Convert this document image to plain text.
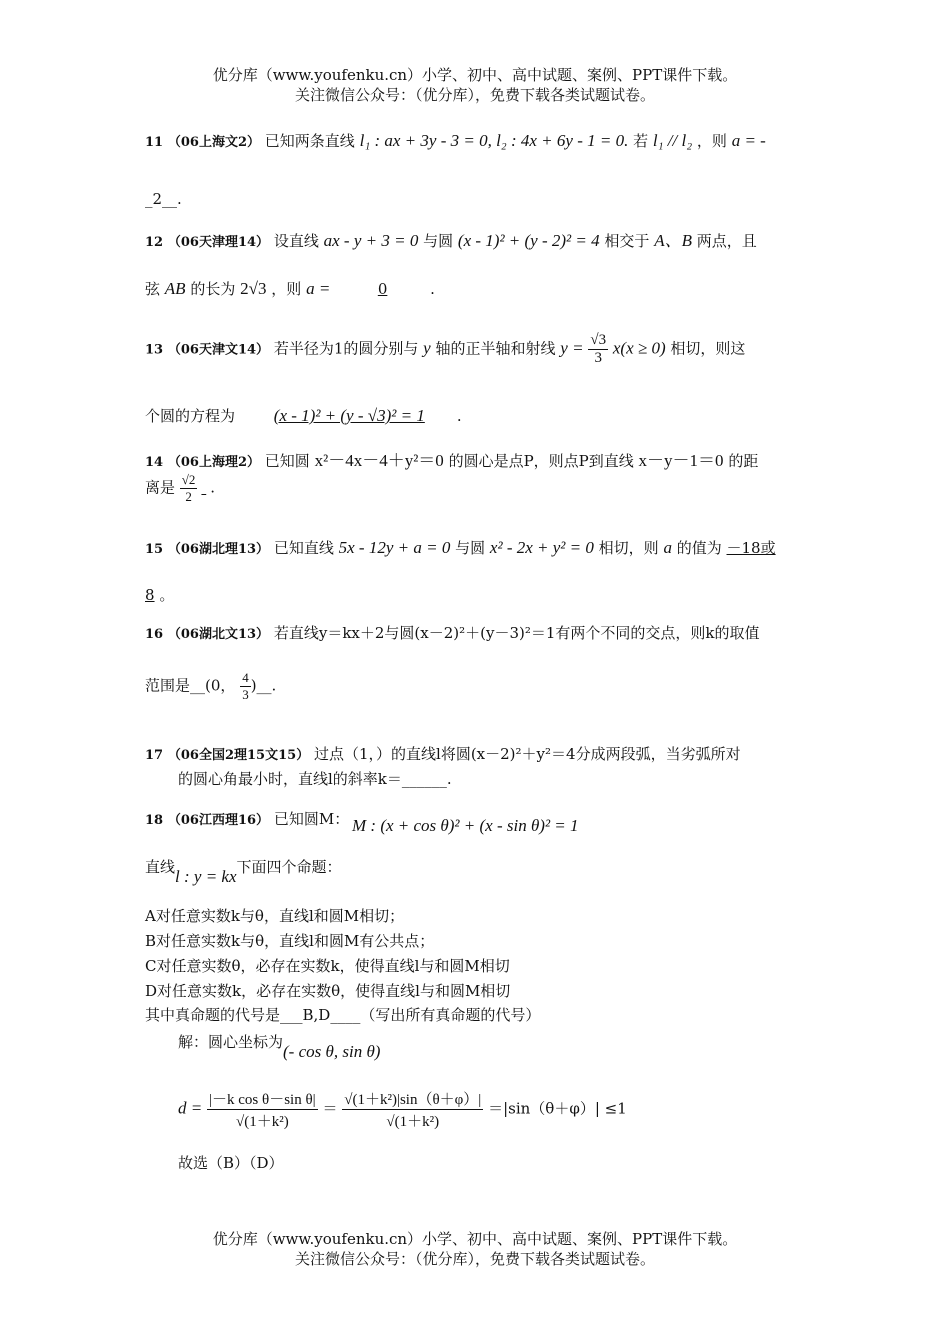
优分库（www.youfenku.cn）小学、初中、高中试题、案例、PPT课件下载。
关注微信公众号：（优分库），免费下载各类试题试卷。
11 （06上海文2） 已知两条直线 l₁ : ax + 3y - 3 = 0, l₂ : 4x + 6y - 1 = 0. 若 l₁ // l₂ ，则 a = -
_2__.
12 （06天津理14） 设直线 ax - y + 3 = 0 与圆 (x - 1)² + (y - 2)² = 4 相交于 A、B 两点，且
弦 AB 的长为 2√3 ，则 a =	0	.
13 （06天津文14） 若半径为1的圆分别与 y 轴的正半轴和射线 $y = \frac{√3}{3} x(x \ge 0)$ 相切，则这
个圆的方程为 (x - 1)² + (y - √3)² = 1 .
14 （06上海理2） 已知圆 x²－4x－4＋y²＝0 的圆心是点P，则点P到直线 x－y－1＝0 的距
离是 $\frac{√2}{2}$ .
15 （06湖北理13） 已知直线 5x - 12y + a = 0 与圆 x² - 2x + y² = 0 相切，则 a 的值为 －18或
8 。
16 （06湖北文13） 若直线y＝kx＋2与圆(x－2)²＋(y－3)²＝1有两个不同的交点，则k的取值
范围是__(0， $\frac{4}{3}$ )__.
17 （06全国2理15文15） 过点（1，）的直线l将圆(x－2)²＋y²＝4分成两段弧，当劣弧所对
的圆心角最小时，直线l的斜率k＝______.
18 （06江西理16） 已知圆M： M : (x + cos θ)² + (x - sin θ)² = 1
直线l : y = kx下面四个命题：
A对任意实数k与θ，直线l和圆M相切；
B对任意实数k与θ，直线l和圆M有公共点；
C对任意实数θ，必存在实数k，使得直线l与和圆M相切
D对任意实数k，必存在实数θ，使得直线l与和圆M相切
其中真命题的代号是___B,D____（写出所有真命题的代号）
解：圆心坐标为(- cos θ, sin θ)
$d = \frac{\text{|－k cos θ－sin θ|}}{\text{√(1＋k²)}} = \frac{\text{√(1＋k²)|sin（θ＋φ）|}}{\text{√(1＋k²)}} =|\sin(\theta+\varphi)| \le 1$
故选（B）（D）
优分库（www.youfenku.cn）小学、初中、高中试题、案例、PPT课件下载。
关注微信公众号：（优分库），免费下载各类试题试卷。
